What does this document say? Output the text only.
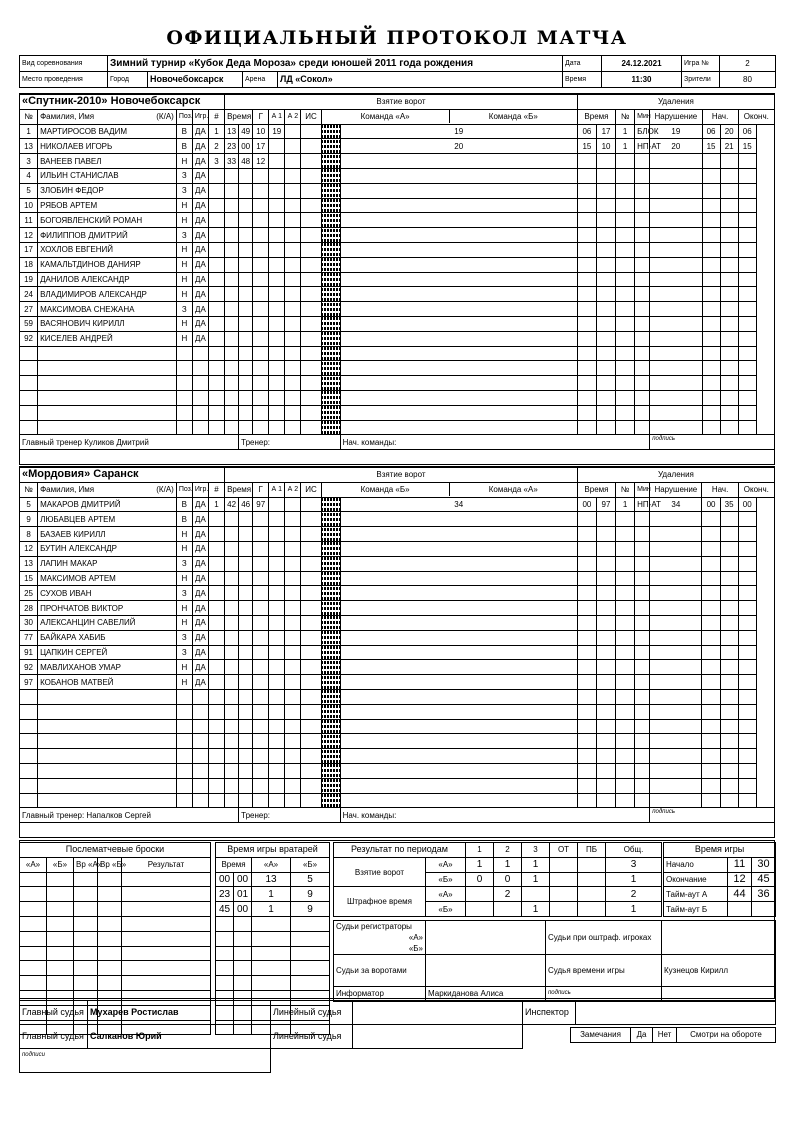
ОФИЦИАЛЬНЫЙ ПРОТОКОЛ МАТЧА
Вид соревнования	Зимний турнир «Кубок Деда Мороза» среди юношей 2011 года рождения	Дата	24.12.2021	Игра №	2
Место проведения	Город	Новочебоксарск	Арена	ЛД «Сокол»	Время	11:30	Зрители	80
«Спутник-2010» Новочебоксарск					Взятие ворот								Удаления							
№	Фамилия, Имя (К/А)	Поз.	Игр.	#	Время		Г	А 1	А 2	ИС	Команда «А» Команда «Б»		Время		№	Мин	Нарушение	Нач.		Оконч.
1	МАРТИРОСОВ ВАДИМ	В	ДА	1	13	49	10	19				19	06	17	1	БЛОК	19	06	20	06
13	НИКОЛАЕВ ИГОРЬ	В	ДА	2	23	00	17					20	15	10	1	НП-АТ	20	15	21	15
3	ВАНЕЕВ ПАВЕЛ	Н	ДА	3	33	48	12				

4	ИЛЬИН СТАНИСЛАВ	З	ДА								

5	ЗЛОБИН ФЕДОР	З	ДА								

10	РЯБОВ АРТЕМ	Н	ДА								

11	БОГОЯВЛЕНСКИЙ РОМАН	Н	ДА								

12	ФИЛИППОВ ДМИТРИЙ	З	ДА								

17	ХОХЛОВ ЕВГЕНИЙ	Н	ДА								

18	КАМАЛЬТДИНОВ ДАНИЯР	Н	ДА								

19	ДАНИЛОВ АЛЕКСАНДР	Н	ДА								

24	ВЛАДИМИРОВ АЛЕКСАНДР	Н	ДА								

27	МАКСИМОВА СНЕЖАНА	З	ДА								

59	ВАСЯНОВИЧ КИРИЛЛ	Н	ДА								

92	КИСЕЛЕВ АНДРЕЙ	Н	ДА								

Главный тренер Куликов Дмитрий						Тренер:						Нач. команды:					подпись			
«Мордовия» Саранск					Взятие ворот								Удаления							
№	Фамилия, Имя (К/А)	Поз.	Игр.	#	Время		Г	А 1	А 2	ИС	Команда «Б» Команда «А»		Время		№	Мин	Нарушение	Нач.		Оконч.
5	МАКАРОВ ДМИТРИЙ	В	ДА	1	42	46	97					34	00	97	1	НП-АТ	34	00	35	00
9	ЛЮБАВЦЕВ АРТЕМ	В	ДА								

8	БАЗАЕВ КИРИЛЛ	Н	ДА								

12	БУТИН АЛЕКСАНДР	Н	ДА								

13	ЛАПИН МАКАР	З	ДА								

15	МАКСИМОВ АРТЕМ	Н	ДА								

25	СУХОВ ИВАН	З	ДА								

28	ПРОНЧАТОВ ВИКТОР	Н	ДА								

30	АЛЕКСАНЦИН САВЕЛИЙ	Н	ДА								

77	БАЙКАРА ХАБИБ	З	ДА								

91	ЦАПКИН СЕРГЕЙ	З	ДА								

92	МАВЛИХАНОВ УМАР	Н	ДА								

97	КОБАНОВ МАТВЕЙ	Н	ДА								

Главный тренер: Напалков Сергей						Тренер:						Нач. команды:					подпись			
Послематчевые броски				
«А»	«Б»	Вр «А»	Вр «Б»	Результат

Время игры вратарей			
Время		«А»	«Б»
00	00	13	5
23	01	1	9
45	00	1	9

Результат по периодам		1	2	3	ОТ	ПБ	Общ.
Взятие ворот	«А»	1	1	1			3
	«Б»	0	0	1			1
Штрафное время	«А»		2				2
	«Б»			1			1
Время игры		
Начало	11	30
Окончание	12	45
Тайм-аут А	44	36
Тайм-аут Б		
Судьи регистраторы
«А»
«Б»		Судьи при оштраф. игроках	
Судьи за воротами		Судья времени игры	Кузнецов Кирилл
Информатор	Маркиданова Алиса	подпись	
Главный судья	Мухарев Ростислав	Линейный судья		Инспектор	
Главный судья	Салканов Юрий	Линейный судья			
подписи					
Замечания	Да	Нет	Смотри на обороте
